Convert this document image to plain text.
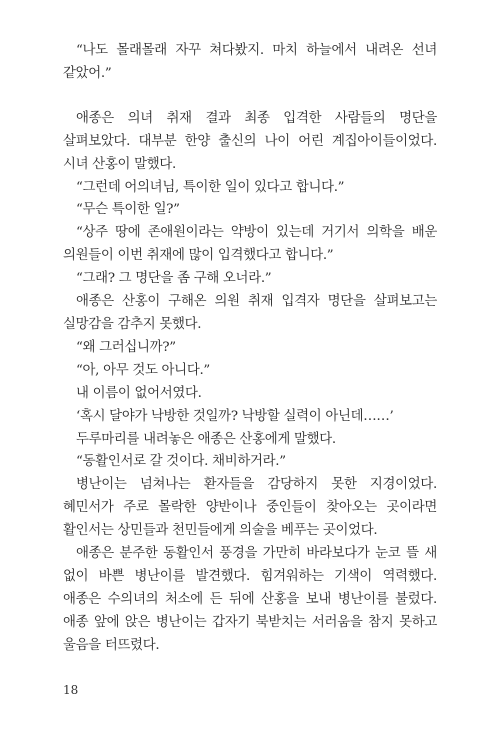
“나도 몰래몰래 자꾸 쳐다봤지. 마치 하늘에서 내려온 선녀 같았어.”

애종은 의녀 취재 결과 최종 입격한 사람들의 명단을 살펴보았다. 대부분 한양 출신의 나이 어린 계집아이들이었다. 시녀 산홍이 말했다.

“그런데 어의녀님, 특이한 일이 있다고 합니다.”

“무슨 특이한 일?”

“상주 땅에 존애원이라는 약방이 있는데 거기서 의학을 배운 의원들이 이번 취재에 많이 입격했다고 합니다.”

“그래? 그 명단을 좀 구해 오너라.”

애종은 산홍이 구해온 의원 취재 입격자 명단을 살펴보고는 실망감을 감추지 못했다.

“왜 그러십니까?”

“아, 아무 것도 아니다.”

내 이름이 없어서였다.

‘혹시 달야가 낙방한 것일까? 낙방할 실력이 아닌데……’

두루마리를 내려놓은 애종은 산홍에게 말했다.

“동활인서로 갈 것이다. 채비하거라.”

병난이는 넘쳐나는 환자들을 감당하지 못한 지경이었다. 혜민서가 주로 몰락한 양반이나 중인들이 찾아오는 곳이라면 활인서는 상민들과 천민들에게 의술을 베푸는 곳이었다.

애종은 분주한 동활인서 풍경을 가만히 바라보다가 눈코 뜰 새 없이 바쁜 병난이를 발견했다. 힘겨워하는 기색이 역력했다. 애종은 수의녀의 처소에 든 뒤에 산홍을 보내 병난이를 불렀다. 애종 앞에 앉은 병난이는 갑자기 북받치는 서러움을 참지 못하고 울음을 터뜨렸다.

18
